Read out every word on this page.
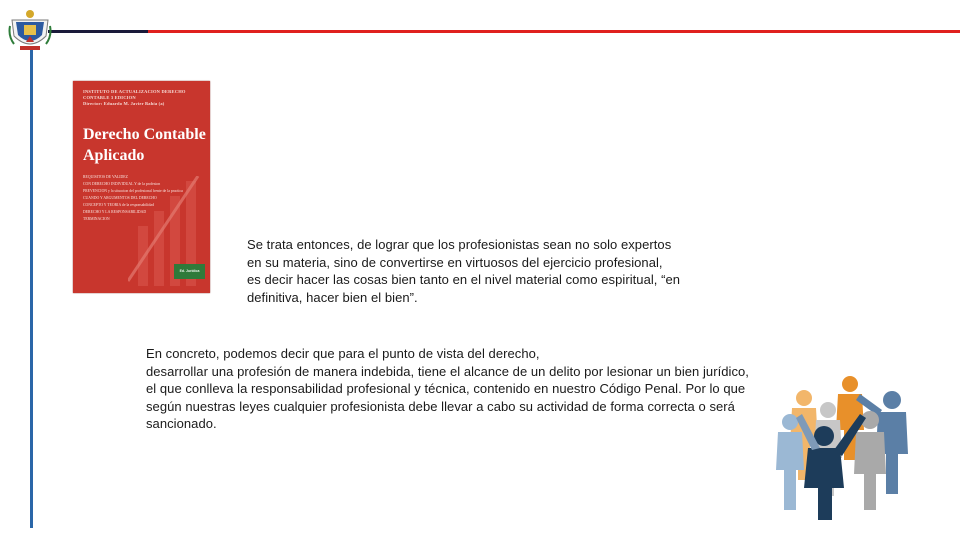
INSTITUTO DE ACTUALIZACION DERECHO CONTABLE 3 EDICION
Director: Eduardo M. Javier Bahía (a)
Derecho Contable
Aplicado
REQUISITOS DE VALIDEZ
CON DERECHO INDIVIDUAL Y de la profesion
PREVENCION y la situacion del profesional frente de la practica
CUANDO Y ARGUMENTOS DEL DERECHO
CONCEPTO Y TEORIA de la responsabilidad
DERECHO Y LA RESPONSABILIDAD
TERMINACION
Ed. Jurídica
Se trata entonces, de lograr que los profesionistas sean no solo expertos
en su materia, sino de convertirse en virtuosos del ejercicio profesional,
es decir hacer las cosas bien tanto en el nivel material como espiritual, “en
definitiva, hacer bien el bien”.
En concreto, podemos decir que para el punto de vista del derecho,
desarrollar una profesión de manera indebida, tiene el alcance de un delito por lesionar un bien jurídico,
el que conlleva la responsabilidad profesional y técnica, contenido en nuestro Código Penal. Por lo que
según nuestras leyes cualquier profesionista debe llevar a cabo su actividad de forma correcta o será
sancionado.
